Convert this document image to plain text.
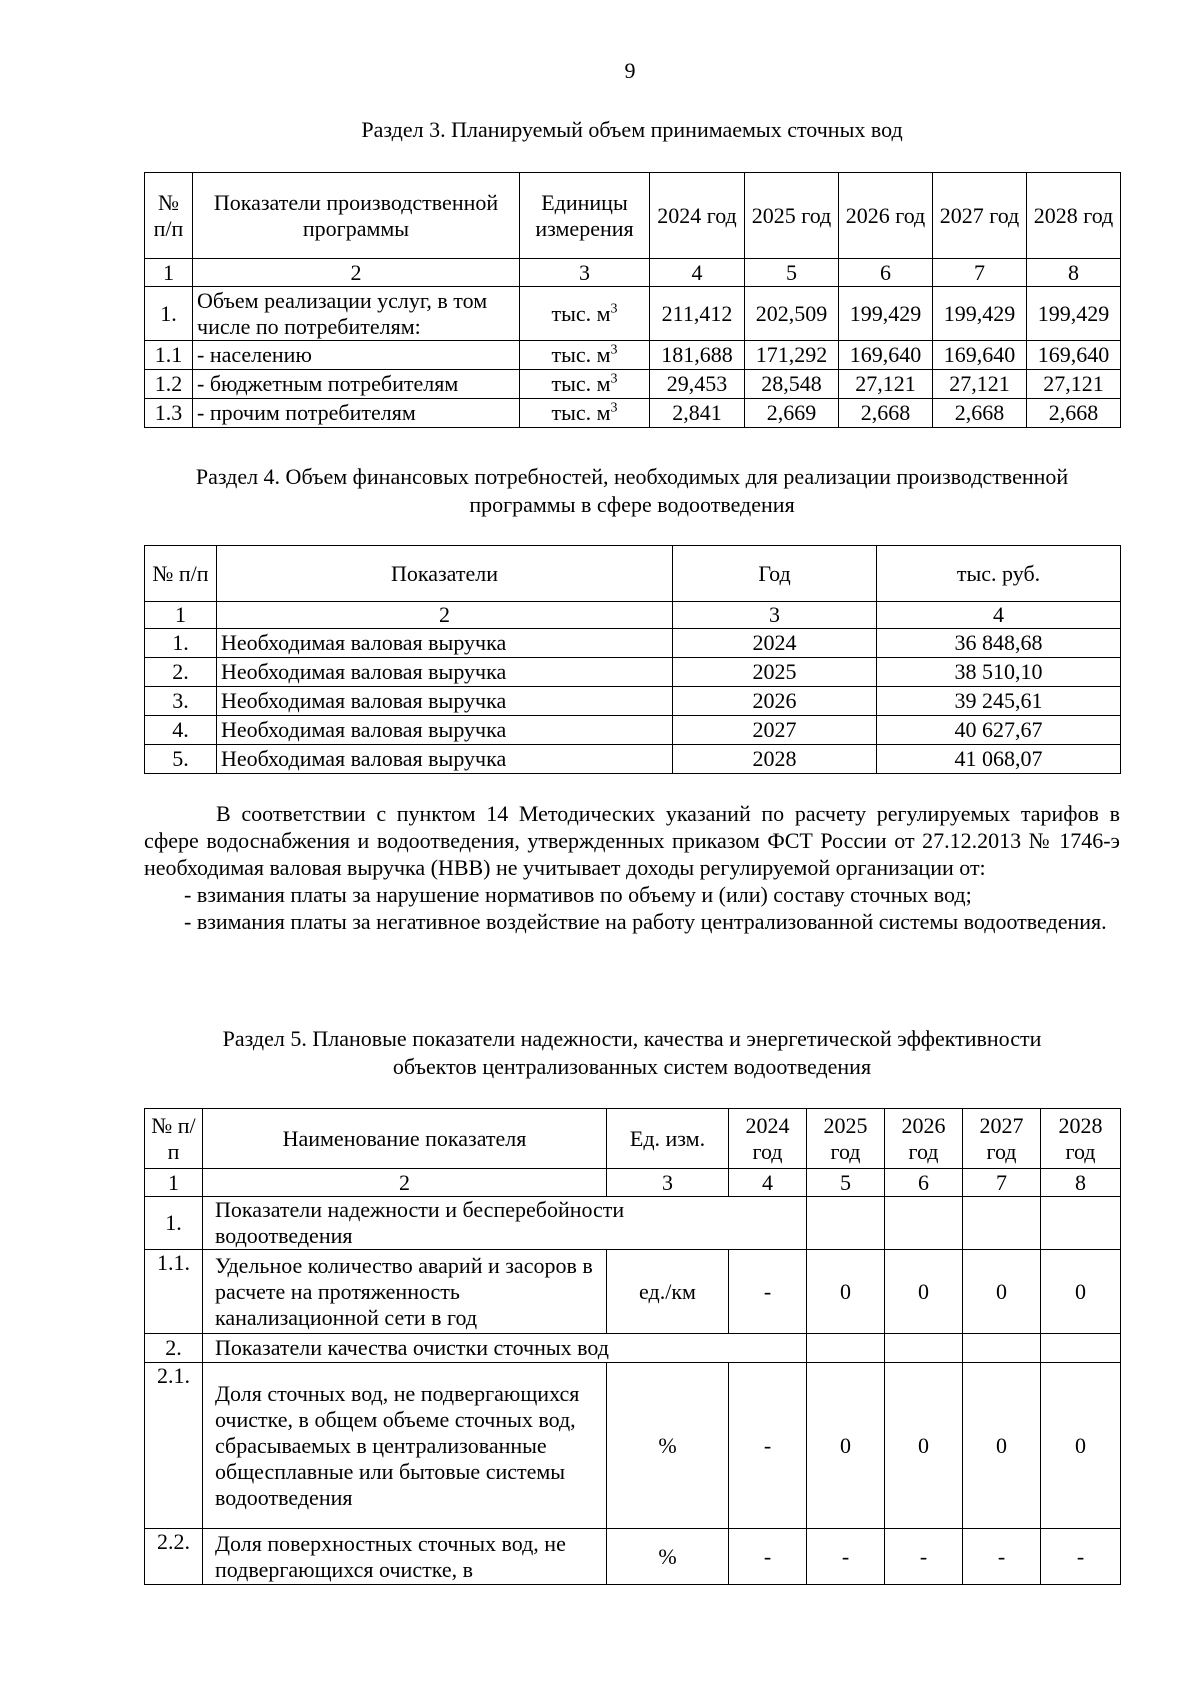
9
Раздел 3. Планируемый объем принимаемых сточных вод
№ п/п	Показатели производственной программы	Единицы измерения	2024 год	2025 год	2026 год	2027 год	2028 год
1	2	3	4	5	6	7	8
1.	Объем реализации услуг, в том числе по потребителям:	тыс. $м^3$	211,412	202,509	199,429	199,429	199,429
1.1	- населению	тыс. $м^3$	181,688	171,292	169,640	169,640	169,640
1.2	- бюджетным потребителям	тыс. $м^3$	29,453	28,548	27,121	27,121	27,121
1.3	- прочим потребителям	тыс. $м^3$	2,841	2,669	2,668	2,668	2,668
Раздел 4. Объем финансовых потребностей, необходимых для реализации производственной
программы в сфере водоотведения
№ п/п	Показатели	Год	тыс. руб.
1	2	3	4
1.	Необходимая валовая выручка	2024	36 848,68
2.	Необходимая валовая выручка	2025	38 510,10
3.	Необходимая валовая выручка	2026	39 245,61
4.	Необходимая валовая выручка	2027	40 627,67
5.	Необходимая валовая выручка	2028	41 068,07

В соответствии с пунктом 14 Методических указаний по расчету регулируемых тарифов в сфере водоснабжения и водоотведения, утвержденных приказом ФСТ России от 27.12.2013 № 1746-э необходимая валовая выручка (НВВ) не учитывает доходы регулируемой организации от:

- взимания платы за нарушение нормативов по объему и (или) составу сточных вод;

- взимания платы за негативное воздействие на работу централизованной системы водоотведения.

Раздел 5. Плановые показатели надежности, качества и энергетической эффективности
объектов централизованных систем водоотведения
№ п/п	Наименование показателя	Ед. изм.	2024 год	2025 год	2026 год	2027 год	2028 год
1	2	3	4	5	6	7	8
1.	Показатели надежности и бесперебойности водоотведения						
1.1.	Удельное количество аварий и засоров в расчете на протяженность канализационной сети в год	ед./км	-	0	0	0	0
2.	Показатели качества очистки сточных вод						
2.1.	Доля сточных вод, не подвергающихся очистке, в общем объеме сточных вод, сбрасываемых в централизованные общесплавные или бытовые системы водоотведения	%	-	0	0	0	0
2.2.	Доля поверхностных сточных вод, не подвергающихся очистке, в	%	-	-	-	-	-
